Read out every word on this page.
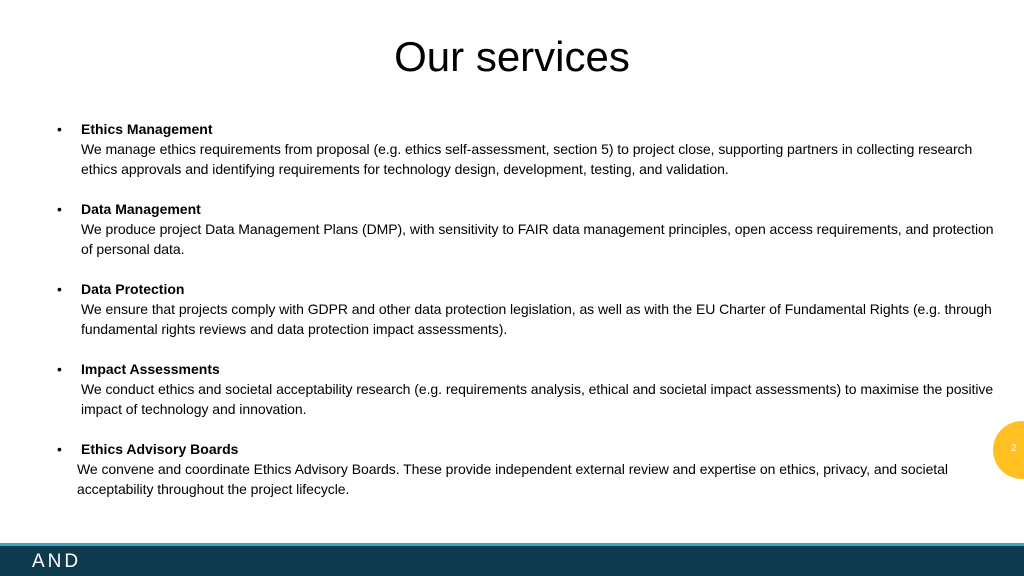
Our services
• Ethics Management
We manage ethics requirements from proposal (e.g. ethics self-assessment, section 5) to project close, supporting partners in collecting research ethics approvals and identifying requirements for technology design, development, testing, and validation.
• Data Management
We produce project Data Management Plans (DMP), with sensitivity to FAIR data management principles, open access requirements, and protection of personal data.
• Data Protection
We ensure that projects comply with GDPR and other data protection legislation, as well as with the EU Charter of Fundamental Rights (e.g. through fundamental rights reviews and data protection impact assessments).
• Impact Assessments
We conduct ethics and societal acceptability research (e.g. requirements analysis, ethical and societal impact assessments) to maximise the positive impact of technology and innovation.
• Ethics Advisory Boards
We convene and coordinate Ethics Advisory Boards. These provide independent external review and expertise on ethics, privacy, and societal acceptability throughout the project lifecycle.
2
AND
